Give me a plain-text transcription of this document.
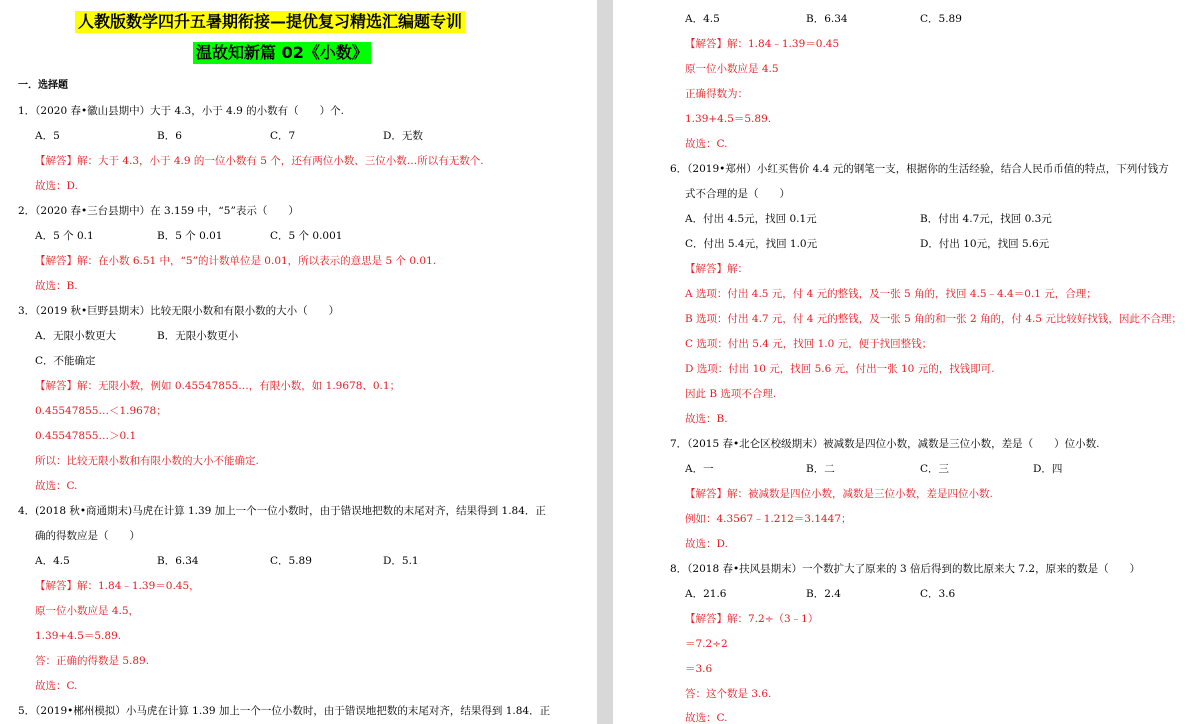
人教版数学四升五暑期衔接—提优复习精选汇编题专训
温故知新篇 02《小数》
一．选择题
1．（2020 春•徽山县期中）大于 4.3，小于 4.9 的小数有（　　）个.
A．5	B．6	C．7	D．无数
【解答】解：大于 4.3，小于 4.9 的一位小数有 5 个，还有两位小数、三位小数…所以有无数个.
故选：D.
2．（2020 春•三台县期中）在 3.159 中，“5”表示（　　）
A．5 个 0.1	B．5 个 0.01	C．5 个 0.001
【解答】解：在小数 6.51 中，“5”的计数单位是 0.01，所以表示的意思是 5 个 0.01.
故选：B.
3．（2019 秋•巨野县期末）比较无限小数和有限小数的大小（　　）
A．无限小数更大	B．无限小数更小
C．不能确定
【解答】解：无限小数，例如 0.45547855…，有限小数，如 1.9678、0.1；
0.45547855…＜1.9678；
0.45547855…＞0.1
所以：比较无限小数和有限小数的大小不能确定.
故选：C.
4．(2018 秋•商通期末)马虎在计算 1.39 加上一个一位小数时，由于错误地把数的末尾对齐，结果得到 1.84．正
确的得数应是（　　）
A．4.5	B．6.34	C．5.89	D．5.1
【解答】解：1.84﹣1.39＝0.45，
原一位小数应是 4.5，
1.39+4.5＝5.89.
答：正确的得数是 5.89.
故选：C.
5．（2019•郴州模拟）小马虎在计算 1.39 加上一个一位小数时，由于错误地把数的末尾对齐，结果得到 1.84．正
A．4.5	B．6.34	C．5.89
【解答】解：1.84﹣1.39＝0.45
原一位小数应是 4.5
正确得数为：
1.39+4.5＝5.89.
故选：C.
6．（2019•郑州）小红买售价 4.4 元的钢笔一支，根据你的生活经验，结合人民币币值的特点，下列付钱方
式不合理的是（　　）
A．付出 4.5元，找回 0.1元	B．付出 4.7元，找回 0.3元
C．付出 5.4元，找回 1.0元	D．付出 10元，找回 5.6元
【解答】解：
A 选项：付出 4.5 元，付 4 元的整钱，及一张 5 角的，找回 4.5﹣4.4＝0.1 元，合理；
B 选项：付出 4.7 元，付 4 元的整钱，及一张 5 角的和一张 2 角的，付 4.5 元比较好找钱，因此不合理；
C 选项：付出 5.4 元，找回 1.0 元，便于找回整钱；
D 选项：付出 10 元，找回 5.6 元，付出一张 10 元的，找钱即可.
因此 B 选项不合理.
故选：B.
7．（2015 春•北仑区校级期末）被减数是四位小数，减数是三位小数，差是（　　）位小数.
A．一	B．二	C．三	D．四
【解答】解：被减数是四位小数，减数是三位小数，差是四位小数.
例如：4.3567﹣1.212＝3.1447；
故选：D.
8．（2018 春•扶风县期末）一个数扩大了原来的 3 倍后得到的数比原来大 7.2，原来的数是（　　）
A．21.6	B．2.4	C．3.6
【解答】解：7.2÷（3﹣1）
＝7.2÷2
＝3.6
答：这个数是 3.6.
故选：C.
